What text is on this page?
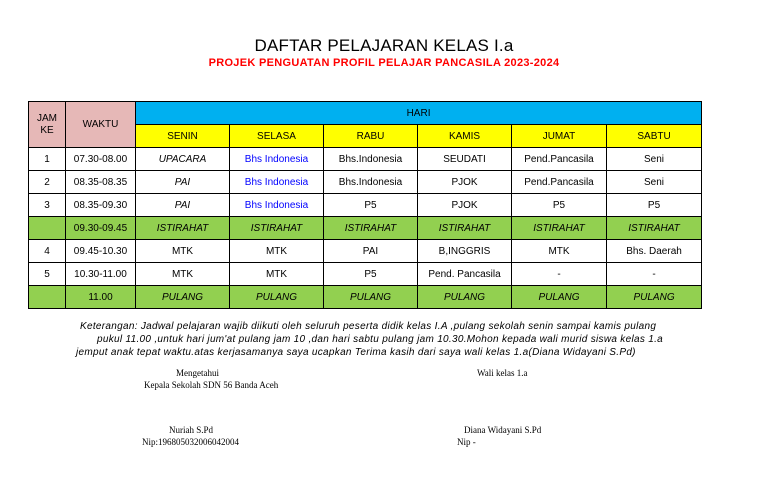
DAFTAR PELAJARAN KELAS I.a
PROJEK PENGUATAN PROFIL PELAJAR PANCASILA 2023-2024
JAM KE	WAKTU	HARI					
		SENIN	SELASA	RABU	KAMIS	JUMAT	SABTU
1	07.30-08.00	UPACARA	Bhs Indonesia	Bhs.Indonesia	SEUDATI	Pend.Pancasila	Seni
2	08.35-08.35	PAI	Bhs Indonesia	Bhs.Indonesia	PJOK	Pend.Pancasila	Seni
3	08.35-09.30	PAI	Bhs Indonesia	P5	PJOK	P5	P5
	09.30-09.45	ISTIRAHAT	ISTIRAHAT	ISTIRAHAT	ISTIRAHAT	ISTIRAHAT	ISTIRAHAT
4	09.45-10.30	MTK	MTK	PAI	B,INGGRIS	MTK	Bhs. Daerah
5	10.30-11.00	MTK	MTK	P5	Pend. Pancasila	-	-
	11.00	PULANG	PULANG	PULANG	PULANG	PULANG	PULANG
Keterangan: Jadwal pelajaran wajib diikuti oleh seluruh peserta didik kelas I.A ,pulang sekolah senin sampai kamis pulang
pukul 11.00 ,untuk hari jum'at pulang jam 10 ,dan hari sabtu pulang jam 10.30.Mohon kepada wali murid siswa kelas 1.a
jemput anak tepat waktu.atas kerjasamanya saya ucapkan Terima kasih dari saya wali kelas 1.a(Diana Widayani S.Pd)
Mengetahui
Kepala Sekolah SDN 56 Banda Aceh
Nuriah S.Pd
Nip:196805032006042004
Wali kelas 1.a
Diana Widayani S.Pd
Nip -
